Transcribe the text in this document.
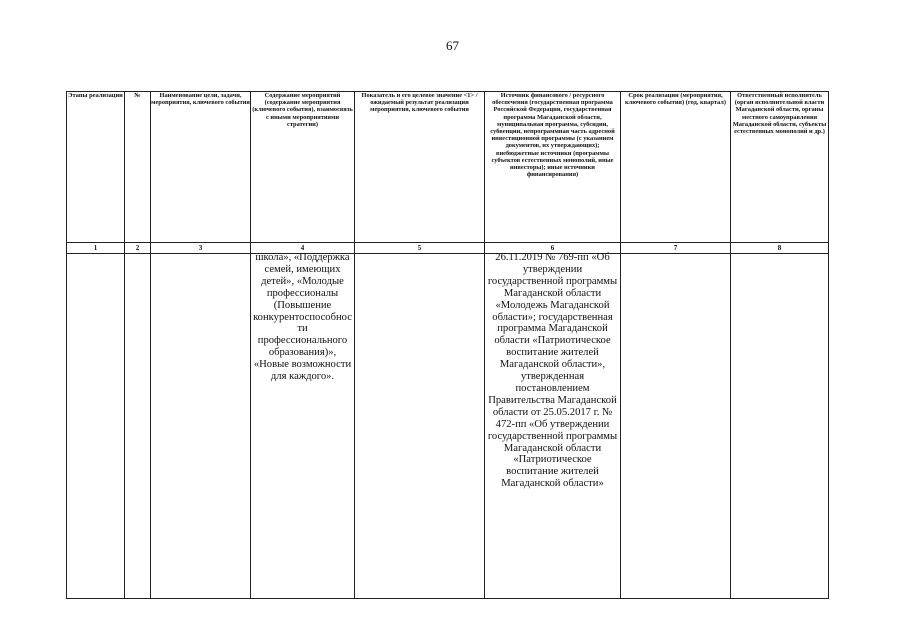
67
Этапы реализации	№	Наименование цели, задачи, мероприятия, ключевого события	Содержание мероприятий (содержание мероприятия (ключевого события), взаимосвязь с иными мероприятиями стратегии)	Показатель и его целевое значение <1> /ожидаемый результат реализации мероприятия, ключевого события	Источник финансового / ресурсного обеспечения (государственная программа Российской Федерации, государственная программа Магаданской области, муниципальная программа, субсидии, субвенции, непрограммная часть адресной инвестиционной программы (с указанием документов, их утверждающих); внебюджетные источники (программы субъектов естественных монополий, иные инвесторы); иные источники финансирования)	Срок реализации (мероприятия, ключевого события) (год, квартал)	Ответственный исполнитель (орган исполнительной власти Магаданской области, органы местного самоуправления Магаданской области, субъекты естественных монополий и др.)
1	2	3	4	5	6	7	8

			школа», «Поддержка семей, имеющих детей», «Молодые профессионалы (Повышение конкурентоспособнос ти профессионального образования)», «Новые возможности для каждого».		26.11.2019 № 769-пп «Об утверждении государственной программы Магаданской области «Молодежь Магаданской области»; государственная программа Магаданской области «Патриотическое воспитание жителей Магаданской области», утвержденная постановлением Правительства Магаданской области от 25.05.2017 г. № 472-пп «Об утверждении государственной программы Магаданской области «Патриотическое воспитание жителей Магаданской области»		
